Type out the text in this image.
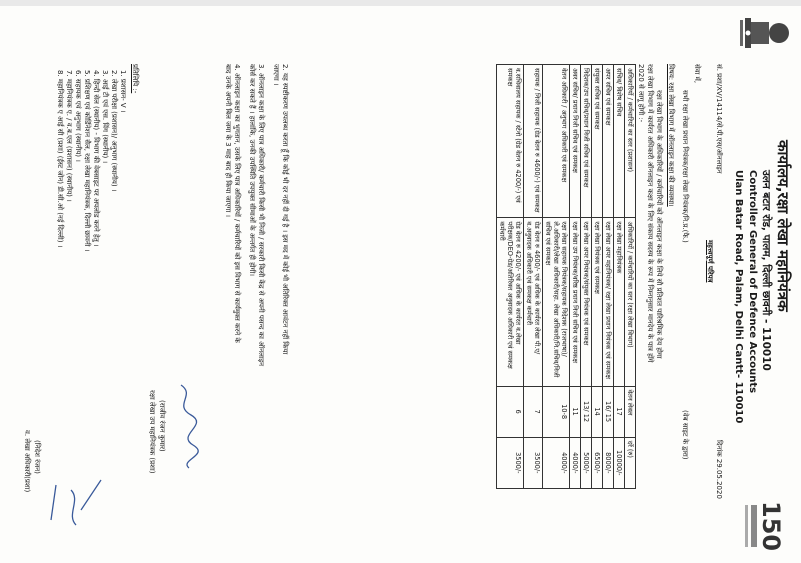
कार्यालय,रक्षा लेखा महानियंत्रक
उलन बटार रोड, पालम, दिल्ली छावनी - 110010
Controller General of Defence Accounts
Ulan Batar Road, Palam, Delhi Cantt- 110010
150
सं. प्रशा/XV/14114/से.पी.एस/ऑनलाइन
दिनांक 29.05.2020
महत्त्वपूर्ण परिपत्र
सेवा में,
सभी रक्षा लेखा प्रधान नियंत्रक/रक्षा लेखा नियंत्रक/नि.प्र.(फै.)
(वेब साइट के द्वारा)
विषय: रक्षा लेखा विभाग में ऑनलाइन कक्षा की व्यवस्था।
रक्षा लेखा विभाग के अधिकारियों / कर्मचारियों को ऑनलाइन कक्षा के लिये सौ प्रतिशत पारिश्रमिक देय होगा
रक्षा लेखा विभाग में कार्यरत अधिकारी ऑनलाइन कक्षा के लिए संकाय सदस्य के रूप में निम्नानुसार मानदेय के पात्र होंगे
2020 से लागू होगी :-
अधिकारियों / कर्मचारियों का स्तर (प्रशासन)	अधिकारियों / कर्मचारियों का स्तर (रक्षा लेखा विभाग)	वेतन लेवल	दरें (रु)
सचिव/ विशेष सचिव	रक्षा लेखा महानियंत्रक	17	10000/-
अपर सचिव एवं समकक्ष	रक्षा लेखा अपर महानियंत्रक/ रक्षा लेखा प्रधान नियंत्रक एवं समकक्ष	16/ 15	8000/-
संयुक्त सचिव एवं समकक्ष	रक्षा लेखा नियंत्रक एवं समकक्ष	14	6500/-
निदेशक/उप सचिव/प्रधान निजी सचिव एवं समकक्ष	रक्षा लेखा अपर नियंत्रक/संयुक्त नियंत्रक एवं समकक्ष	13/ 12	5000/-
अवर सचिव/ प्रधान निजी सचिव एवं समकक्ष	रक्षा लेखा उप नियंत्रक/वरिष्ठ प्रधान निजी सचिव एवं समकक्ष	11	4000/-
वेतन अधिकारी / अनुभाग अधिकारी एवं समकक्ष	रक्षा लेखा सहायक नियंत्रक/सहायक निदेशक (राजभाषा)/ले.अधिकारी/लेखा अधिकारी/सहा. लेखा अधिकारी/नि.सचिव/निजी सचिव एवं समकक्ष	10-8	4000/-
सहायक / निजी सहायक (ग्रेड वेतन रु 4600/-) एवं समकक्ष	ग्रेड वेतन रु 4600/- एवं अधिक के कार्यरत लेखा पी.ए/व.अनुवादक अधिकारी एवं समकक्ष कर्मचारी	7	3500/-
व.सचिवालय सहायक / स्टेनो (ग्रेड वेतन रु 4200/-) एवं समकक्ष	ग्रेड वेतन रु 4200/- एवं अधिक के कार्यरत व.लेखा परीक्षक/DEO-ग्रेड/अतिरिक्त अनुवादक अधिकारी एवं समकक्ष कर्मचारी	6	3500/-
2. यह स्पष्टीकरण उपलब्ध करता हूँ कि कोई भी दर नहीं दी गई है । इस मद में कोई भी अतिरिक्त आवंटन नहीं किया
जाएगा ।
3. ऑनलाइन कक्षा के लिए पात्र अधिकारी/ कर्मचारी किसी भी निजी / सरकारी किसी केंद्र से अपनी पसन्द का ऑनलाइन
कोर्स कर सकते हैं । हालांकि, उनकी उपस्थिति उपयुक्त सीमाओं के अन्तर्गत ही होगी।
4. ऑनलाइन कक्षा का भुगतान, उसके लिए पात्र अधिकारियों / कर्मचारियों को इस विभाग से कार्यमुक्त करने के
बाद उनके अपनी बिल जमा के 3 माह बाद ही किया जाएगा ।
(राजीव रंजन कुमार)
रक्षा लेखा उप महानियंत्रक (प्रशा)
प्रतिलिपि :-
1. प्रशासन- V ।
2. लेखा परीक्षा (प्रशासन)/ अनुभाग (स्थानीय) ।
3. आई टी एवं एस. विंग (स्थानीय) ।
4. हिन्दी सेल (स्थानीय) - विभाग की वेबसाइट पर अपलोड करने हेतु ।
5. प्रशिक्षण एवं कोर्डिनेशन सैल, रक्षा लेखा महानियंत्रक, दिल्ली छावनी ।
6. सहायक एवं अनुभाग (स्थानीय) ।
7. महानियंत्रक ए. / व.ब.एल (प्रशासन) (स्थानीय) ।
8. महानियंत्रक ए आई सी (प्रशा) (ईस्ट जोन) डी.सी.ओ (नई दिल्ली) ।
(निदेश रंजन)
व. लेखा अधिकारी(प्रशा)
